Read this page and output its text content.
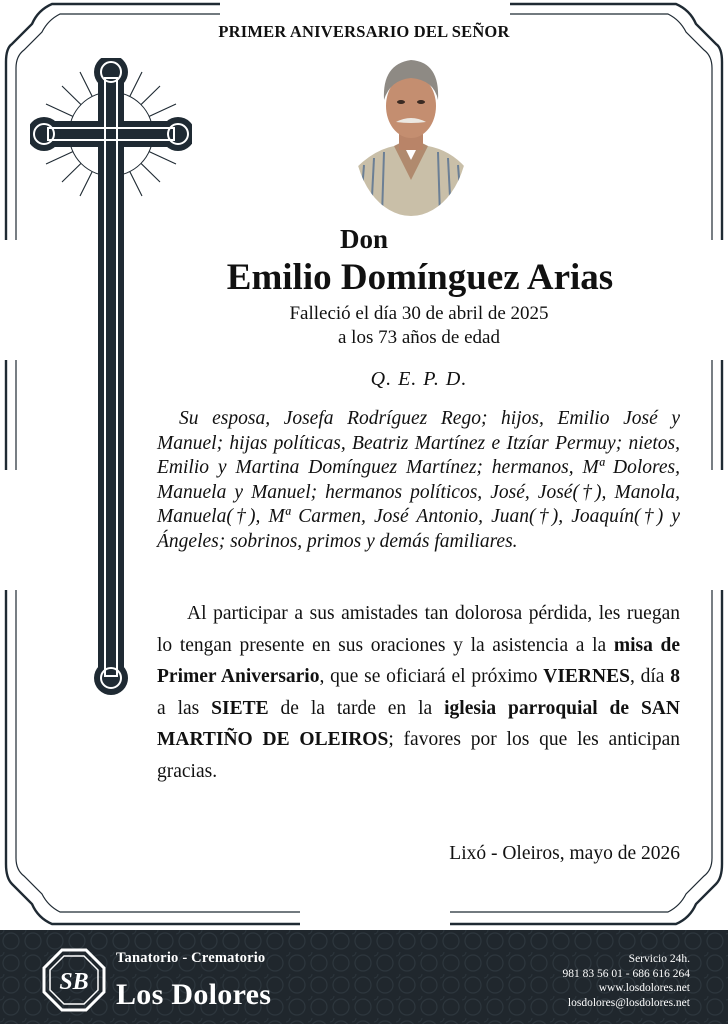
PRIMER ANIVERSARIO DEL SEÑOR
Don
Emilio Domínguez Arias
Falleció el día 30 de abril de 2025
a los 73 años de edad
Q. E. P. D.

Su esposa, Josefa Rodríguez Rego; hijos, Emilio José y Manuel; hijas políticas, Beatriz Martínez e Itzíar Permuy; nietos, Emilio y Martina Domínguez Martínez; hermanos, Mª Dolores, Manuela y Manuel; hermanos políticos, José, José(†), Manola, Manuela(†), Mª Carmen, José Antonio, Juan(†), Joaquín(†) y Ángeles; sobrinos, primos y demás familiares.

Al participar a sus amistades tan dolorosa pérdida, les ruegan lo tengan presente en sus oraciones y la asistencia a la misa de Primer Aniversario, que se oficiará el próximo VIERNES, día 8 a las SIETE de la tarde en la iglesia parroquial de SAN MARTIÑO DE OLEIROS; favores por los que les anticipan gracias.

Lixó - Oleiros, mayo de 2026
SB
Tanatorio - Crematorio
Los Dolores
Servicio 24h.
981 83 56 01 - 686 616 264
www.losdolores.net
losdolores@losdolores.net
